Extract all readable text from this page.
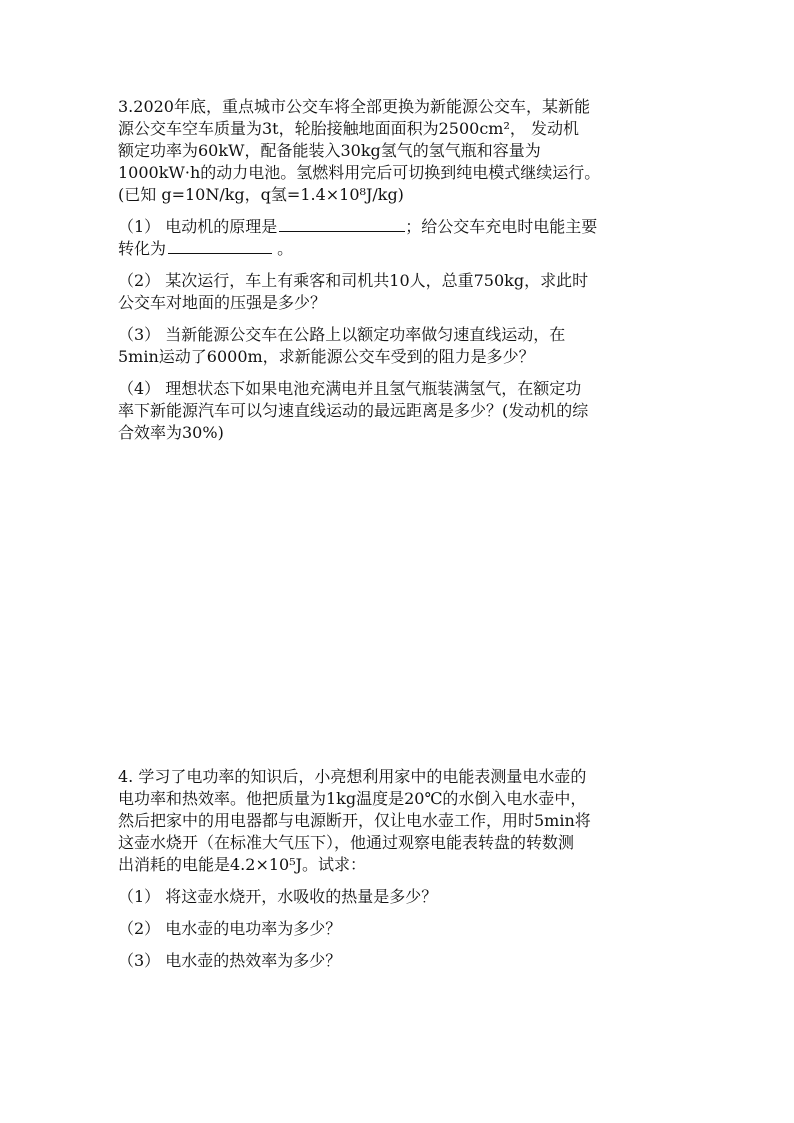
3.2020年底，重点城市公交车将全部更换为新能源公交车，某新能
源公交车空车质量为3t，轮胎接触地面面积为2500cm²， 发动机
额定功率为60kW，配备能装入30kg氢气的氢气瓶和容量为
1000kW·h的动力电池。氢燃料用完后可切换到纯电模式继续运行。
(已知 g=10N/kg，q氢=1.4×10⁸J/kg)
（1） 电动机的原理是	；给公交车充电时电能主要
转化为	。
（2） 某次运行，车上有乘客和司机共10人，总重750kg，求此时
公交车对地面的压强是多少？
（3） 当新能源公交车在公路上以额定功率做匀速直线运动，在
5min运动了6000m，求新能源公交车受到的阻力是多少？
（4） 理想状态下如果电池充满电并且氢气瓶装满氢气，在额定功
率下新能源汽车可以匀速直线运动的最远距离是多少？(发动机的综
合效率为30%)
4. 学习了电功率的知识后，小亮想利用家中的电能表测量电水壶的
电功率和热效率。他把质量为1kg温度是20℃的水倒入电水壶中，
然后把家中的用电器都与电源断开，仅让电水壶工作，用时5min将
这壶水烧开（在标准大气压下），他通过观察电能表转盘的转数测
出消耗的电能是4.2×10⁵J。试求：
（1） 将这壶水烧开，水吸收的热量是多少？
（2） 电水壶的电功率为多少？
（3） 电水壶的热效率为多少？
